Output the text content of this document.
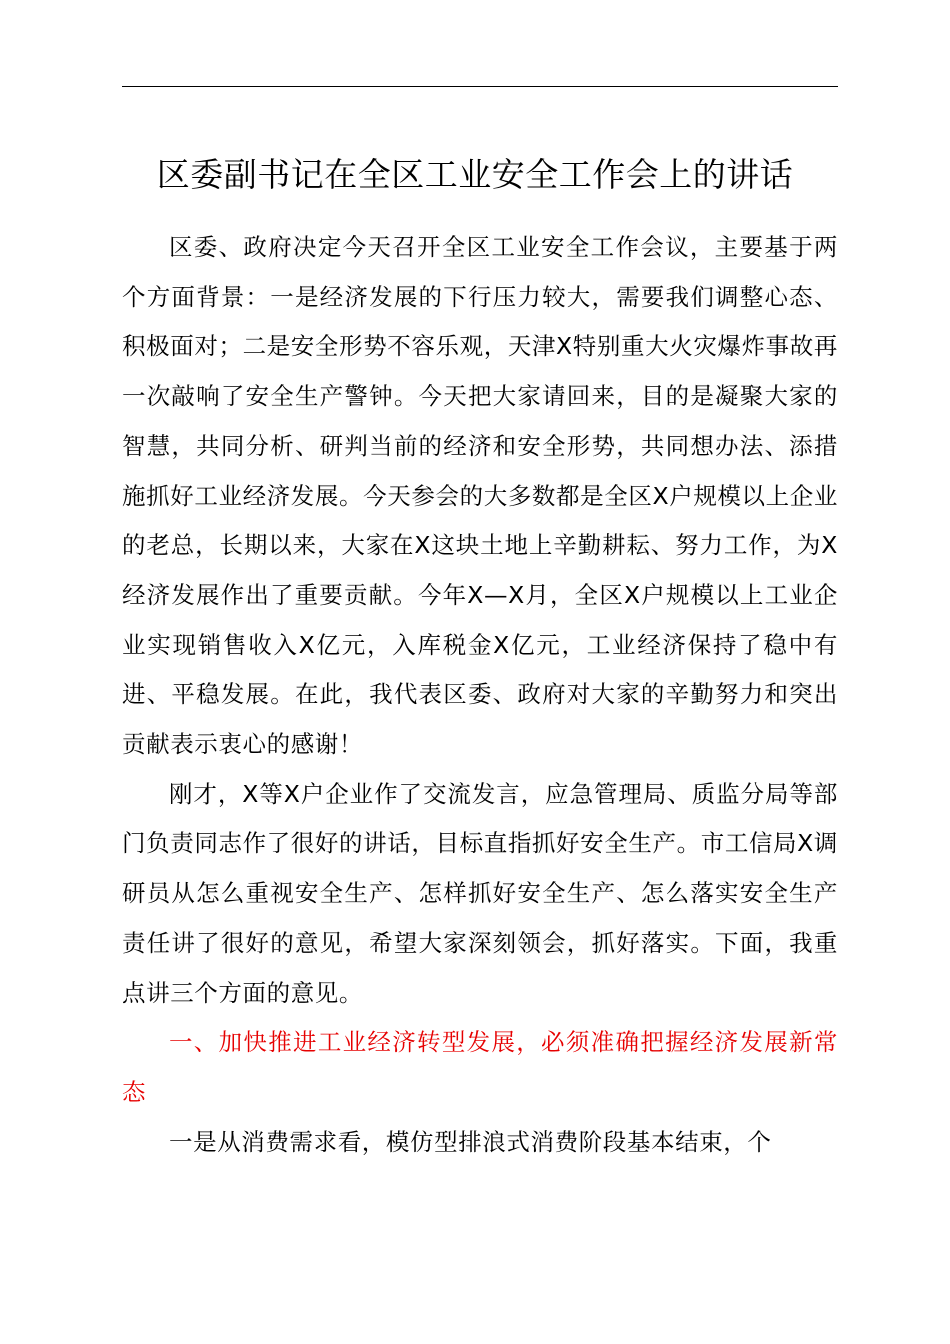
区委副书记在全区工业安全工作会上的讲话

区委、政府决定今天召开全区工业安全工作会议，主要基于两个方面背景：一是经济发展的下行压力较大，需要我们调整心态、积极面对；二是安全形势不容乐观，天津X特别重大火灾爆炸事故再一次敲响了安全生产警钟。今天把大家请回来，目的是凝聚大家的智慧，共同分析、研判当前的经济和安全形势，共同想办法、添措施抓好工业经济发展。今天参会的大多数都是全区X户规模以上企业的老总，长期以来，大家在X这块土地上辛勤耕耘、努力工作，为X经济发展作出了重要贡献。今年X—X月，全区X户规模以上工业企业实现销售收入X亿元，入库税金X亿元，工业经济保持了稳中有进、平稳发展。在此，我代表区委、政府对大家的辛勤努力和突出贡献表示衷心的感谢！

刚才，X等X户企业作了交流发言，应急管理局、质监分局等部门负责同志作了很好的讲话，目标直指抓好安全生产。市工信局X调研员从怎么重视安全生产、怎样抓好安全生产、怎么落实安全生产责任讲了很好的意见，希望大家深刻领会，抓好落实。下面，我重点讲三个方面的意见。

一、加快推进工业经济转型发展，必须准确把握经济发展新常态

一是从消费需求看，模仿型排浪式消费阶段基本结束，个
